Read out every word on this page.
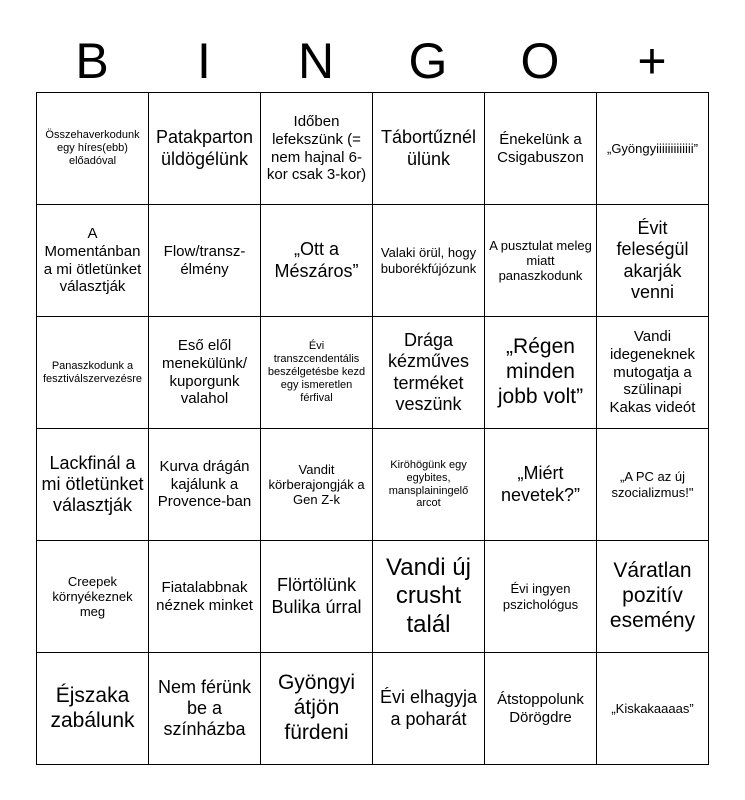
B	I	N	G	O	+
Összehaverkodunk egy híres(ebb) előadóval	Patakparton üldögélünk	Időben lefekszünk (= nem hajnal 6-kor csak 3-kor)	Tábortűznél ülünk	Énekelünk a Csigabuszon	„Gyöngyiiiiiiiiiiiii”
A Momentánban a mi ötletünket választják	Flow/transz-élmény	„Ott a Mészáros”	Valaki örül, hogy buborékfújózunk	A pusztulat meleg miatt panaszkodunk	Évit feleségül akarják venni
Panaszkodunk a fesztiválszervezésre	Eső elől menekülünk/ kuporgunk valahol	Évi transzcendentális beszélgetésbe kezd egy ismeretlen férfival	Drága kézműves terméket veszünk	„Régen minden jobb volt”	Vandi idegeneknek mutogatja a szülinapi Kakas videót
Lackfinál a mi ötletünket választják	Kurva drágán kajálunk a Provence-ban	Vandit körberajongják a Gen Z-k	Kiröhögünk egy egybites, mansplainingelő arcot	„Miért nevetek?”	„A PC az új szocializmus!"
Creepek környékeznek meg	Fiatalabbnak néznek minket	Flörtölünk Bulika úrral	Vandi új crusht talál	Évi ingyen pszichológus	Váratlan pozitív esemény
Éjszaka zabálunk	Nem férünk be a színházba	Gyöngyi átjön fürdeni	Évi elhagyja a poharát	Átstoppolunk Dörögdre	„Kiskakaaaas”
